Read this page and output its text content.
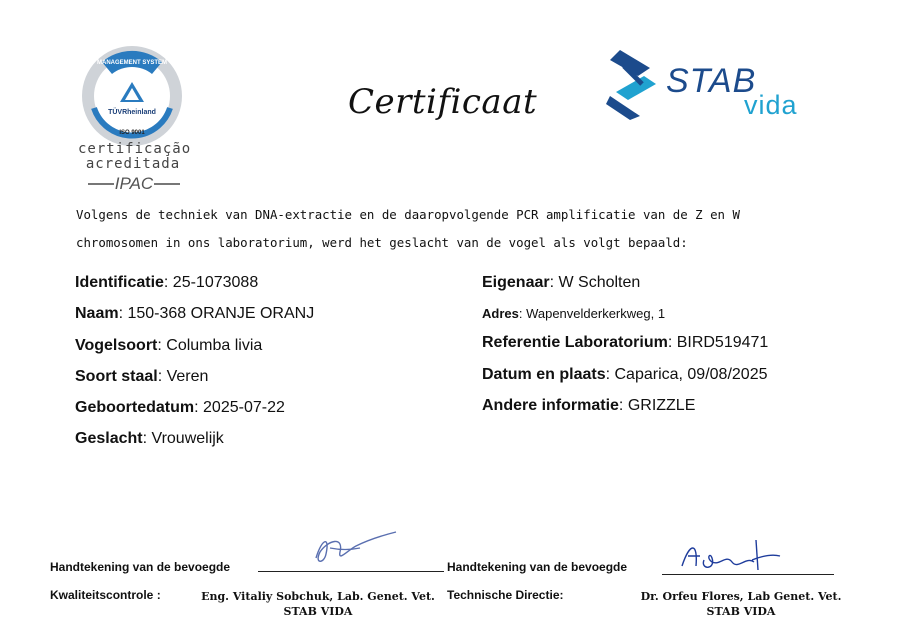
MANAGEMENT SYSTEM
TÜVRheinland
ISO 9001
certificação
acreditada
IPAC
Certificaat
STAB
vida
Volgens de techniek van DNA-extractie en de daaropvolgende PCR amplificatie van de Z en W
chromosomen in ons laboratorium, werd het geslacht van de vogel als volgt bepaald:
Identificatie: 25-1073088
Naam: 150-368 ORANJE ORANJ
Vogelsoort: Columba livia
Soort staal: Veren
Geboortedatum: 2025-07-22
Geslacht: Vrouwelijk
Eigenaar: W Scholten
Adres: Wapenvelderkerkweg, 1
Referentie Laboratorium: BIRD519471
Datum en plaats: Caparica, 09/08/2025
Andere informatie: GRIZZLE
Handtekening van de bevoegde
Kwaliteitscontrole :	Eng. Vitaliy Sobchuk, Lab. Genet. Vet.
STAB VIDA
Handtekening van de bevoegde
Technische Directie:	Dr. Orfeu Flores, Lab Genet. Vet.
STAB VIDA
